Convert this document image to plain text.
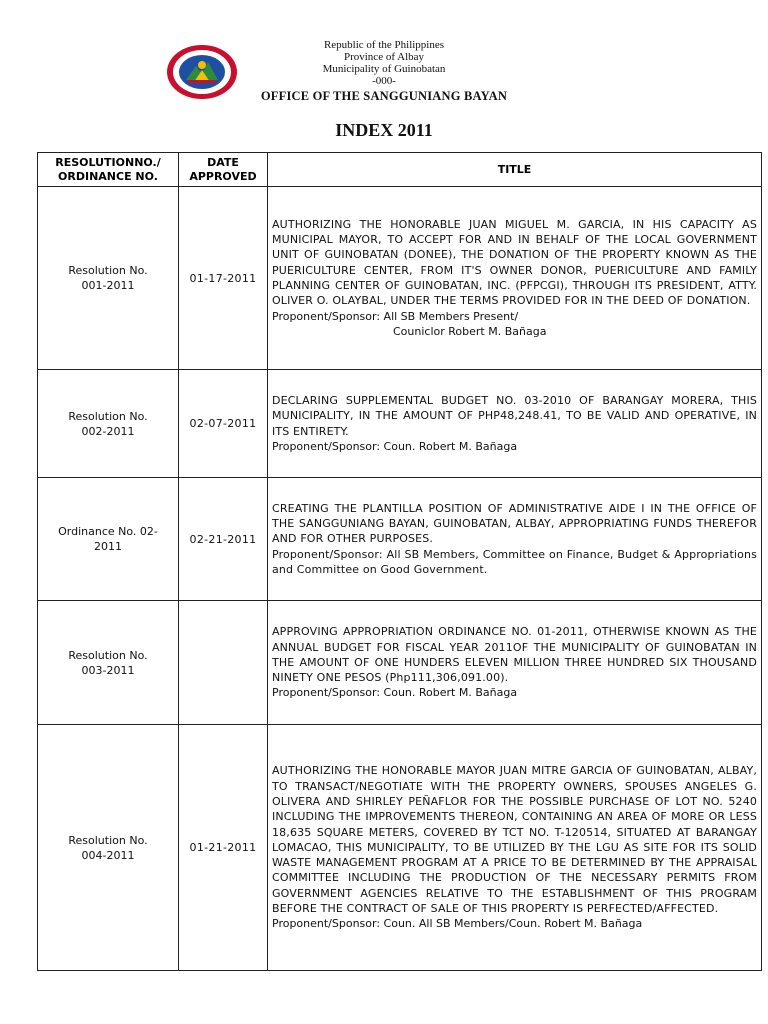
Republic of the Philippines
Province of Albay
Municipality of Guinobatan
-000-
OFFICE OF THE SANGGUNIANG BAYAN
INDEX 2011
RESOLUTIONNO./ ORDINANCE NO.	DATE APPROVED	TITLE

Resolution No. 001-2011	01-17-2011	AUTHORIZING THE HONORABLE JUAN MIGUEL M. GARCIA, IN HIS CAPACITY AS MUNICIPAL MAYOR, TO ACCEPT FOR AND IN BEHALF OF THE LOCAL GOVERNMENT UNIT OF GUINOBATAN (DONEE), THE DONATION OF THE PROPERTY KNOWN AS THE PUERICULTURE CENTER, FROM IT'S OWNER DONOR, PUERICULTURE AND FAMILY PLANNING CENTER OF GUINOBATAN, INC. (PFPCGI), THROUGH ITS PRESIDENT, ATTY. OLIVER O. OLAYBAL, UNDER THE TERMS PROVIDED FOR IN THE DEED OF DONATION.
Proponent/Sponsor: All SB Members Present/
Couniclor Robert M. Bañaga

Resolution No. 002-2011	02-07-2011	DECLARING SUPPLEMENTAL BUDGET NO. 03-2010 OF BARANGAY MORERA, THIS MUNICIPALITY, IN THE AMOUNT OF PHP48,248.41, TO BE VALID AND OPERATIVE, IN ITS ENTIRETY.
Proponent/Sponsor: Coun. Robert M. Bañaga

Ordinance No. 02-2011	02-21-2011	CREATING THE PLANTILLA POSITION OF ADMINISTRATIVE AIDE I IN THE OFFICE OF THE SANGGUNIANG BAYAN, GUINOBATAN, ALBAY, APPROPRIATING FUNDS THEREFOR AND FOR OTHER PURPOSES.
Proponent/Sponsor: All SB Members, Committee on Finance, Budget & Appropriations and Committee on Good Government.

Resolution No. 003-2011		APPROVING APPROPRIATION ORDINANCE NO. 01-2011, OTHERWISE KNOWN AS THE ANNUAL BUDGET FOR FISCAL YEAR 2011OF THE MUNICIPALITY OF GUINOBATAN IN THE AMOUNT OF ONE HUNDERS ELEVEN MILLION THREE HUNDRED SIX THOUSAND NINETY ONE PESOS (Php111,306,091.00).
Proponent/Sponsor: Coun. Robert M. Bañaga

Resolution No. 004-2011	01-21-2011	AUTHORIZING THE HONORABLE MAYOR JUAN MITRE GARCIA OF GUINOBATAN, ALBAY, TO TRANSACT/NEGOTIATE WITH THE PROPERTY OWNERS, SPOUSES ANGELES G. OLIVERA AND SHIRLEY PEÑAFLOR FOR THE POSSIBLE PURCHASE OF LOT NO. 5240 INCLUDING THE IMPROVEMENTS THEREON, CONTAINING AN AREA OF MORE OR LESS 18,635 SQUARE METERS, COVERED BY TCT NO. T-120514, SITUATED AT BARANGAY LOMACAO, THIS MUNICIPALITY, TO BE UTILIZED BY THE LGU AS SITE FOR ITS SOLID WASTE MANAGEMENT PROGRAM AT A PRICE TO BE DETERMINED BY THE APPRAISAL COMMITTEE INCLUDING THE PRODUCTION OF THE NECESSARY PERMITS FROM GOVERNMENT AGENCIES RELATIVE TO THE ESTABLISHMENT OF THIS PROGRAM BEFORE THE CONTRACT OF SALE OF THIS PROPERTY IS PERFECTED/AFFECTED.
Proponent/Sponsor: Coun. All SB Members/Coun. Robert M. Bañaga
